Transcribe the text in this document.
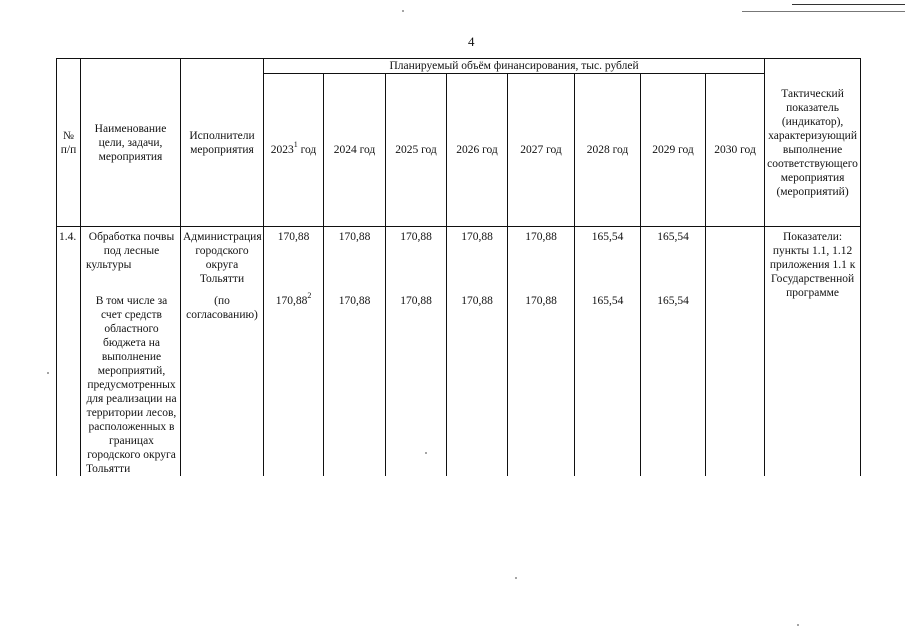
4
№ п/п	Наименование цели, задачи, мероприятия	Исполнители мероприятия	Планируемый объём финансирования, тыс. рублей								Тактический показатель (индикатор), характеризующий выполнение соответствующего мероприятия (мероприятий)
			2023$^1$ год	2024 год	2025 год	2026 год	2027 год	2028 год	2029 год	2030 год	
1.4.	Обработка почвы под лесные культуры	Администрация городского округа Тольятти	170,88	170,88	170,88	170,88	170,88	165,54	165,54		Показатели: пункты 1.1, 1.12 приложения 1.1 к Государственной программе

	В том числе за счет средств областного бюджета на выполнение мероприятий, предусмотренных для реализации на территории лесов, расположенных в границах городского округа Тольятти	(по согласованию)	170,88$^2$	170,88	170,88	170,88	170,88	165,54	165,54		
